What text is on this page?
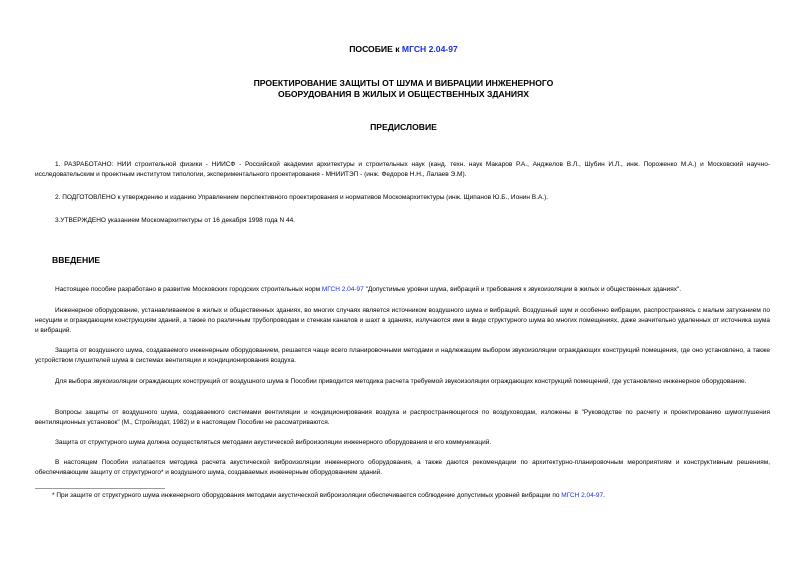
ПОСОБИЕ к МГСН 2.04-97
ПРОЕКТИРОВАНИЕ ЗАЩИТЫ ОТ ШУМА И ВИБРАЦИИ ИНЖЕНЕРНОГО
ОБОРУДОВАНИЯ В ЖИЛЫХ И ОБЩЕСТВЕННЫХ ЗДАНИЯХ
ПРЕДИСЛОВИЕ
1. РАЗРАБОТАНО: НИИ строительной физики - НИИСФ - Российской академии архитектуры и строительных наук (канд. техн. наук Макаров Р.А., Анджелов В.Л., Шубин И.Л., инж. Пороженко М.А.) и Московский научно-исследовательским и проектным институтом типологии, экспериментального проектирования - МНИИТЭП - (инж. Федоров Н.Н., Лалаев Э.М).
2. ПОДГОТОВЛЕНО к утверждению и изданию Управлением перспективного проектирования и нормативов Москомархитектуры (инж. Щипанов Ю.Б., Ионин В.А.).
3.УТВЕРЖДЕНО указанием Москомархитектуры от 16 декабря 1998 года N 44.
ВВЕДЕНИЕ
Настоящее пособие разработано в развитие Московских городских строительных норм МГСН 2.04-97 "Допустимые уровни шума, вибраций и требования к звукоизоляции в жилых и общественных зданиях".
Инженерное оборудование, устанавливаемое в жилых и общественных зданиях, во многих случаях является источником воздушного шума и вибраций. Воздушный шум и особенно вибрации, распространяясь с малым затуханием по несущим и ограждающим конструкциям зданий, а также по различным трубопроводам и стенкам каналов и шахт в зданиях, излучаются ими в виде структурного шума во многих помещениях, даже значительно удаленных от источника шума и вибраций.
Защита от воздушного шума, создаваемого инженерным оборудованием, решается чаще всего планировочными методами и надлежащим выбором звукоизоляции ограждающих конструкций помещения, где оно установлено, а также устройством глушителей шума в системах вентиляции и кондиционирования воздуха.
Для выбора звукоизоляции ограждающих конструкций от воздушного шума в Пособии приводится методика расчета требуемой звукоизоляции ограждающих конструкций помещений, где установлено инженерное оборудование.
Вопросы защиты от воздушного шума, создаваемого системами вентиляции и кондиционирования воздуха и распространяющегося по воздуховодам, изложены в "Руководстве по расчету и проектированию шумоглушения вентиляционных установок" (М., Стройиздат, 1982) и в настоящем Пособии не рассматриваются.
Защита от структурного шума должна осуществляться методами акустической виброизоляции инженерного оборудования и его коммуникаций.
В настоящем Пособии излагается методика расчета акустической виброизоляции инженерного оборудования, а также даются рекомендации по архитектурно-планировочным мероприятиям и конструктивным решениям, обеспечивающим защиту от структурного* и воздушного шума, создаваемых инженерным оборудованием зданий.
* При защите от структурного шума инженерного оборудования методами акустической виброизоляции обеспечивается соблюдение допустимых уровней вибрации по МГСН 2.04-97.
